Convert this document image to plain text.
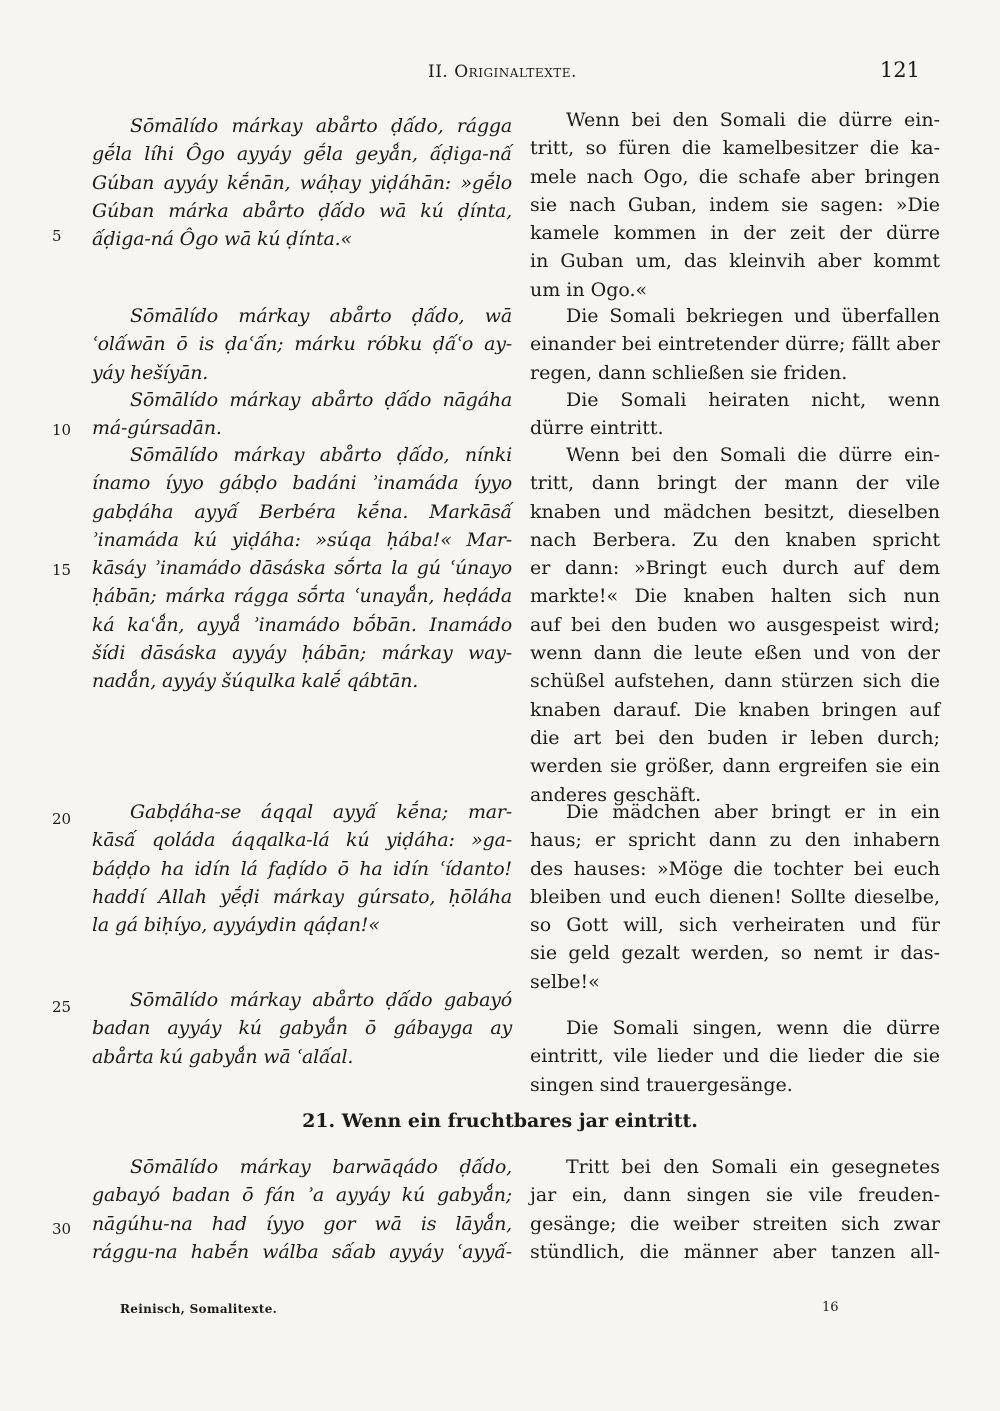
II. Originaltexte.	121
5
10
15
20
25
30
Sōmālído márkay abårto ḍấdo, rágga
gḗla líhi Ôgo ayyáy gḗla geyǻn, ấḍiga-nấ
Gúban ayyáy kḗnān, wáḥay yiḍáhān: »gḗlo
Gúban márka abårto ḍấdo wā kú ḍínta,
ấḍiga-ná Ôgo wā kú ḍínta.«
Sōmālído márkay abårto ḍấdo, wā
ʿolấwān ō is ḍaʿấn; márku róbku ḍấʿo ay-
yáy hešíyān.
Sōmālído márkay abårto ḍấdo nāgáha
má-gúrsadān.
Sōmālído márkay abårto ḍấdo, nínki
ínamo íyyo gábḍo badáni ʾinamáda íyyo
gabḍáha ayyấ Berbéra kḗna. Markāsấ
ʾinamáda kú yiḍáha: »súqa ḥába!« Mar-
kāsáy ʾinamádo dāsáska sṓrta la gú ʿúnayo
ḥábān; márka rágga sṓrta ʿunayǻn, heḍáda
ká kaʿǻn, ayyǻ ʾinamádo bṓbān. Inamádo
šídi dāsáska ayyáy ḥábān; márkay way-
nadǻn, ayyáy šúqulka kalḗ qábtān.
Gabḍáha-se áqqal ayyấ kḗna; mar-
kāsấ qoláda áqqalka-lá kú yiḍáha: »ga-
báḍḍo ha idín lá faḍído ō ha idín ʿídanto!
haddí Allah yḗḍi márkay gúrsato, ḥōláha
la gá biḥíyo, ayyáydin qáḍan!«
Sōmālído márkay abårto ḍấdo gabayó
badan ayyáy kú gabyǻn ō gábayga ay
abårta kú gabyǻn wā ʿalấal.
21. Wenn ein fruchtbares jar eintritt.
Sōmālído márkay barwāqádo ḍấdo,
gabayó badan ō fán ʾa ayyáy kú gabyǻn;
nāgúhu-na had íyyo gor wā is lāyǻn,
rággu-na habḗn wálba sấab ayyáy ʿayyấ-
Wenn bei den Somali die dürre ein-
tritt, so füren die kamelbesitzer die ka-
mele nach Ogo, die schafe aber bringen
sie nach Guban, indem sie sagen: »Die
kamele kommen in der zeit der dürre
in Guban um, das kleinvih aber kommt
um in Ogo.«
Die Somali bekriegen und überfallen
einander bei eintretender dürre; fällt aber
regen, dann schließen sie friden.
Die Somali heiraten nicht, wenn
dürre eintritt.
Wenn bei den Somali die dürre ein-
tritt, dann bringt der mann der vile
knaben und mädchen besitzt, dieselben
nach Berbera. Zu den knaben spricht
er dann: »Bringt euch durch auf dem
markte!« Die knaben halten sich nun
auf bei den buden wo ausgespeist wird;
wenn dann die leute eßen und von der
schüßel aufstehen, dann stürzen sich die
knaben darauf. Die knaben bringen auf
die art bei den buden ir leben durch;
werden sie größer, dann ergreifen sie ein
anderes geschäft.
Die mädchen aber bringt er in ein
haus; er spricht dann zu den inhabern
des hauses: »Möge die tochter bei euch
bleiben und euch dienen! Sollte dieselbe,
so Gott will, sich verheiraten und für
sie geld gezalt werden, so nemt ir das-
selbe!«
Die Somali singen, wenn die dürre
eintritt, vile lieder und die lieder die sie
singen sind trauergesänge.
Tritt bei den Somali ein gesegnetes
jar ein, dann singen sie vile freuden-
gesänge; die weiber streiten sich zwar
stündlich, die männer aber tanzen all-
Reinisch, Somalitexte.	16
